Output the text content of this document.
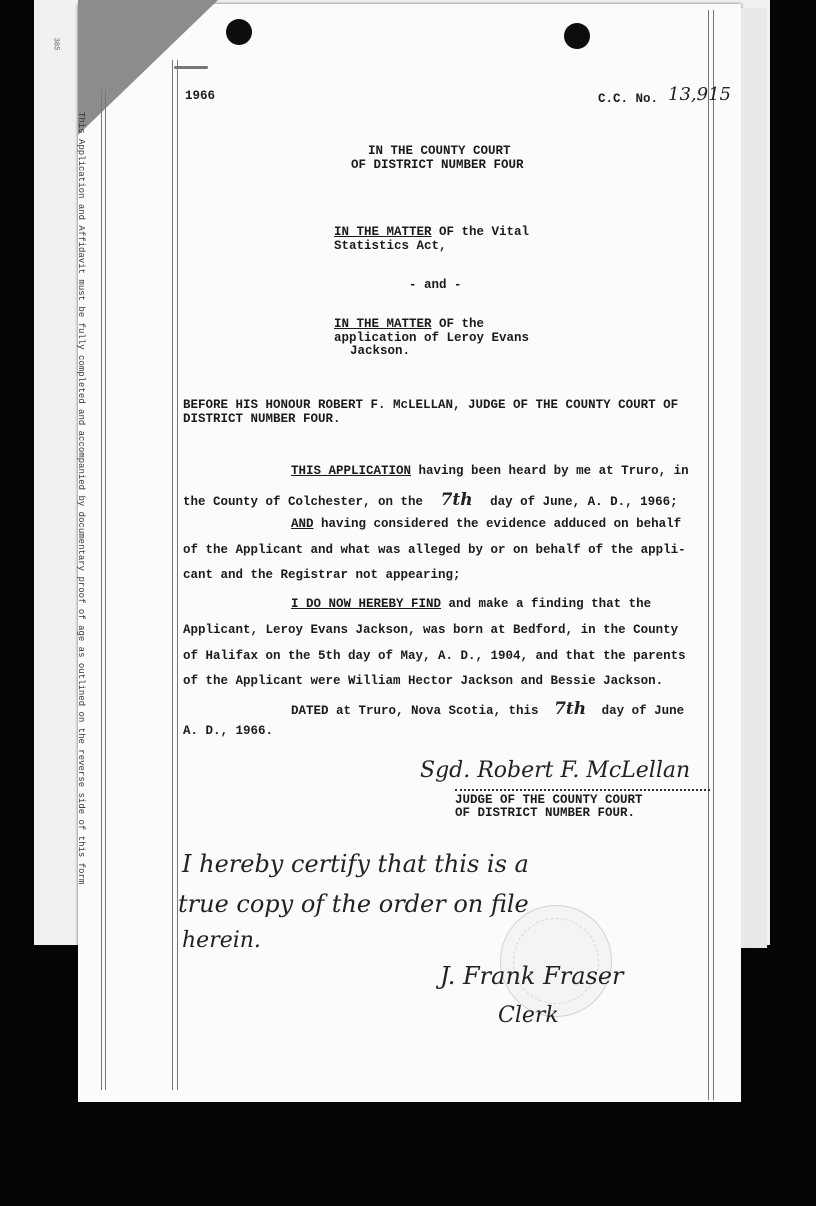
385
This Application and Affidavit must be fully completed and accompanied by documentary proof of age as outlined on the reverse side of this form
1966	C.C. No. 13,915
IN THE COUNTY COURT
OF DISTRICT NUMBER FOUR
IN THE MATTER OF the Vital
Statistics Act,
- and -
IN THE MATTER OF the
application of Leroy Evans
Jackson.
BEFORE HIS HONOUR ROBERT F. McLELLAN, JUDGE OF THE COUNTY COURT OF
DISTRICT NUMBER FOUR.
THIS APPLICATION having been heard by me at Truro, in
the County of Colchester, on the 7th day of June, A. D., 1966;
AND having considered the evidence adduced on behalf
of the Applicant and what was alleged by or on behalf of the appli-
cant and the Registrar not appearing;
I DO NOW HEREBY FIND and make a finding that the
Applicant, Leroy Evans Jackson, was born at Bedford, in the County
of Halifax on the 5th day of May, A. D., 1904, and that the parents
of the Applicant were William Hector Jackson and Bessie Jackson.
DATED at Truro, Nova Scotia, this 7th day of June
A. D., 1966.
Sgd. Robert F. McLellan
JUDGE OF THE COUNTY COURT
OF DISTRICT NUMBER FOUR.
I hereby certify that this is a
true copy of the order on file
herein.
J. Frank Fraser
Clerk
